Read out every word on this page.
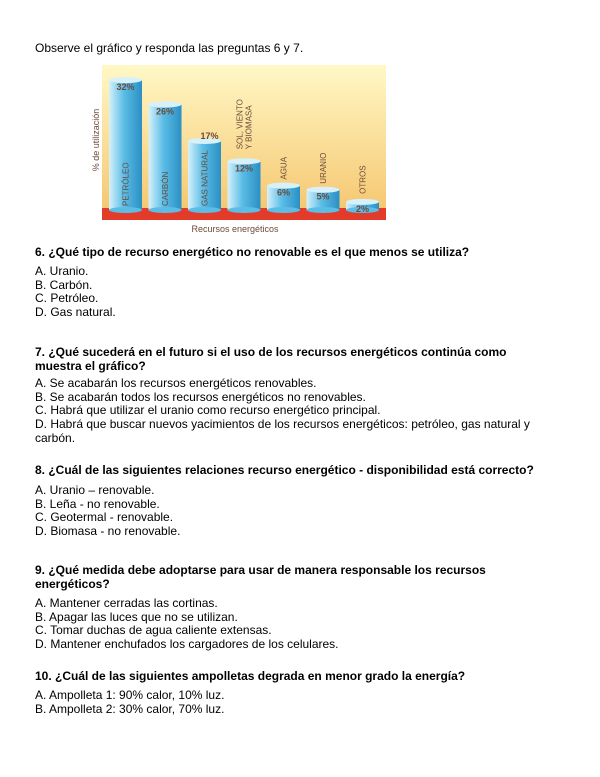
Observe el gráfico y responda las preguntas 6 y 7.
% de utilización
Recursos energéticos
32%
PETRÓLEO
26%
CARBÓN
17%
GAS NATURAL	12%
SOL, VIENTO Y BIOMASA
6%
AGUA
5%
URANIO
2%
OTROS
6. ¿Qué tipo de recurso energético no renovable es el que menos se utiliza?
A. Uranio.
B. Carbón.
C. Petróleo.
D. Gas natural.
7. ¿Qué sucederá en el futuro si el uso de los recursos energéticos continúa como muestra el gráfico?
A. Se acabarán los recursos energéticos renovables.
B. Se acabarán todos los recursos energéticos no renovables.
C. Habrá que utilizar el uranio como recurso energético principal.
D. Habrá que buscar nuevos yacimientos de los recursos energéticos: petróleo, gas natural y carbón.
8. ¿Cuál de las siguientes relaciones recurso energético - disponibilidad está correcto?
A. Uranio – renovable.
B. Leña - no renovable.
C. Geotermal - renovable.
D. Biomasa - no renovable.
9. ¿Qué medida debe adoptarse para usar de manera responsable los recursos energéticos?
A. Mantener cerradas las cortinas.
B. Apagar las luces que no se utilizan.
C. Tomar duchas de agua caliente extensas.
D. Mantener enchufados los cargadores de los celulares.
10. ¿Cuál de las siguientes ampolletas degrada en menor grado la energía?
A. Ampolleta 1: 90% calor, 10% luz.
B. Ampolleta 2: 30% calor, 70% luz.
